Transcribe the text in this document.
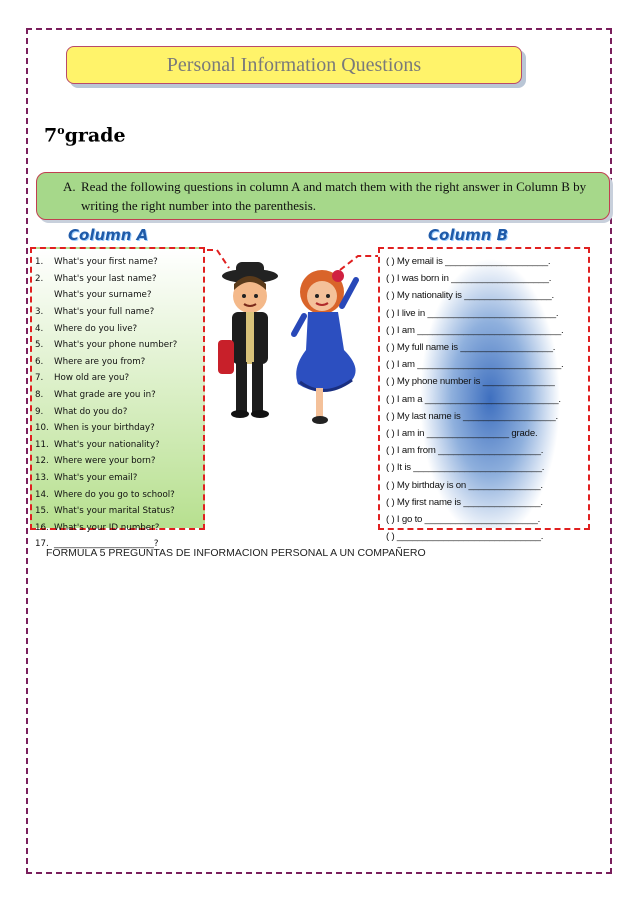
Personal Information Questions
7$^o$grade
A. Read the following questions in column A and match them with the right answer in Column B by writing the right number into the parenthesis.
Column A	Column B
1.	What's your first name?
2.	What's your last name?
What's your surname?
3.	What's your full name?
4.	Where do you live?
5.	What's your phone number?
6.	Where are you from?
7.	How old are you?
8.	What grade are you in?
9.	What do you do?
10. When is your birthday?
11. What's your nationality?
12. Where were your born?
13. What's your email?
14. Where do you go to school?
15. What's your marital Status?
16. What's your ID number?
17. _______________________?
( ) My email is ____________________.
( ) I was born in ___________________.
( ) My nationality is _________________.
( ) I live in _________________________.
( ) I am ____________________________.
( ) My full name is __________________.
( ) I am ____________________________.
( ) My phone number is ______________
( ) I am a __________________________.
( ) My last name is __________________.
( ) I am in ________________ grade.
( ) I am from ____________________.
( ) It is _________________________.
( ) My birthday is on ______________.
( ) My first name is _______________.
( ) I go to ______________________.
( ) ____________________________.
FORMULA 5 PREGUNTAS DE INFORMACION PERSONAL A UN COMPAÑERO
